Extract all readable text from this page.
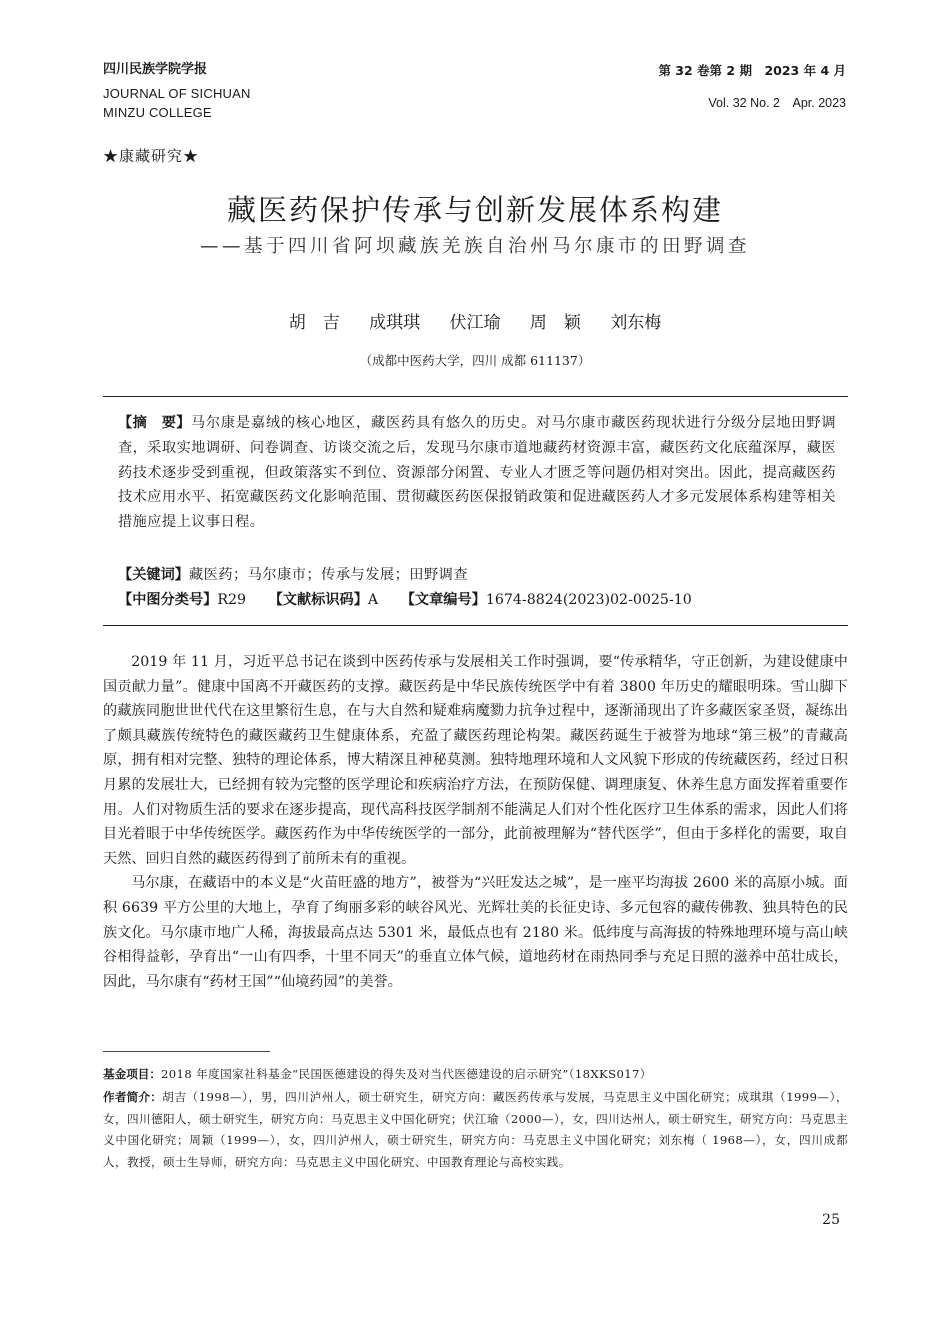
四川民族学院学报
JOURNAL OF SICHUAN
MINZU COLLEGE
第 32 卷第 2 期　2023 年 4 月
Vol. 32 No. 2　Apr. 2023
★康藏研究★
藏医药保护传承与创新发展体系构建
——基于四川省阿坝藏族羌族自治州马尔康市的田野调查
胡　吉 成琪琪 伏江瑜 周　颖 刘东梅
（成都中医药大学，四川 成都 611137）
【摘　要】马尔康是嘉绒的核心地区，藏医药具有悠久的历史。对马尔康市藏医药现状进行分级分层地田野调查，采取实地调研、问卷调查、访谈交流之后，发现马尔康市道地藏药材资源丰富，藏医药文化底蕴深厚，藏医药技术逐步受到重视，但政策落实不到位、资源部分闲置、专业人才匮乏等问题仍相对突出。因此，提高藏医药技术应用水平、拓宽藏医药文化影响范围、贯彻藏医药医保报销政策和促进藏医药人才多元发展体系构建等相关措施应提上议事日程。
【关键词】藏医药；马尔康市；传承与发展；田野调查
【中图分类号】R29 【文献标识码】A 【文章编号】1674-8824(2023)02-0025-10

2019 年 11 月，习近平总书记在谈到中医药传承与发展相关工作时强调，要“传承精华，守正创新，为建设健康中国贡献力量”。健康中国离不开藏医药的支撑。藏医药是中华民族传统医学中有着 3800 年历史的耀眼明珠。雪山脚下的藏族同胞世世代代在这里繁衍生息，在与大自然和疑难病魔勠力抗争过程中，逐渐涌现出了许多藏医家圣贤，凝练出了颇具藏族传统特色的藏医藏药卫生健康体系，充盈了藏医药理论构架。藏医药诞生于被誉为地球“第三极”的青藏高原，拥有相对完整、独特的理论体系，博大精深且神秘莫测。独特地理环境和人文风貌下形成的传统藏医药，经过日积月累的发展壮大，已经拥有较为完整的医学理论和疾病治疗方法，在预防保健、调理康复、休养生息方面发挥着重要作用。人们对物质生活的要求在逐步提高，现代高科技医学制剂不能满足人们对个性化医疗卫生体系的需求，因此人们将目光着眼于中华传统医学。藏医药作为中华传统医学的一部分，此前被理解为“替代医学”，但由于多样化的需要，取自天然、回归自然的藏医药得到了前所未有的重视。

马尔康，在藏语中的本义是“火苗旺盛的地方”，被誉为“兴旺发达之城”，是一座平均海拔 2600 米的高原小城。面积 6639 平方公里的大地上，孕育了绚丽多彩的峡谷风光、光辉壮美的长征史诗、多元包容的藏传佛教、独具特色的民族文化。马尔康市地广人稀，海拔最高点达 5301 米，最低点也有 2180 米。低纬度与高海拔的特殊地理环境与高山峡谷相得益彰，孕育出“一山有四季，十里不同天”的垂直立体气候，道地药材在雨热同季与充足日照的滋养中茁壮成长，因此，马尔康有“药材王国”“仙境药园”的美誉。

基金项目：2018 年度国家社科基金“民国医德建设的得失及对当代医德建设的启示研究”（18XKS017）
作者简介：胡吉（1998—），男，四川泸州人，硕士研究生，研究方向：藏医药传承与发展，马克思主义中国化研究；成琪琪（1999—），女，四川德阳人，硕士研究生，研究方向：马克思主义中国化研究；伏江瑜（2000—），女，四川达州人，硕士研究生，研究方向：马克思主义中国化研究；周颖（1999—），女，四川泸州人，硕士研究生，研究方向：马克思主义中国化研究；刘东梅（ 1968—），女，四川成都人，教授，硕士生导师，研究方向：马克思主义中国化研究、中国教育理论与高校实践。
25
